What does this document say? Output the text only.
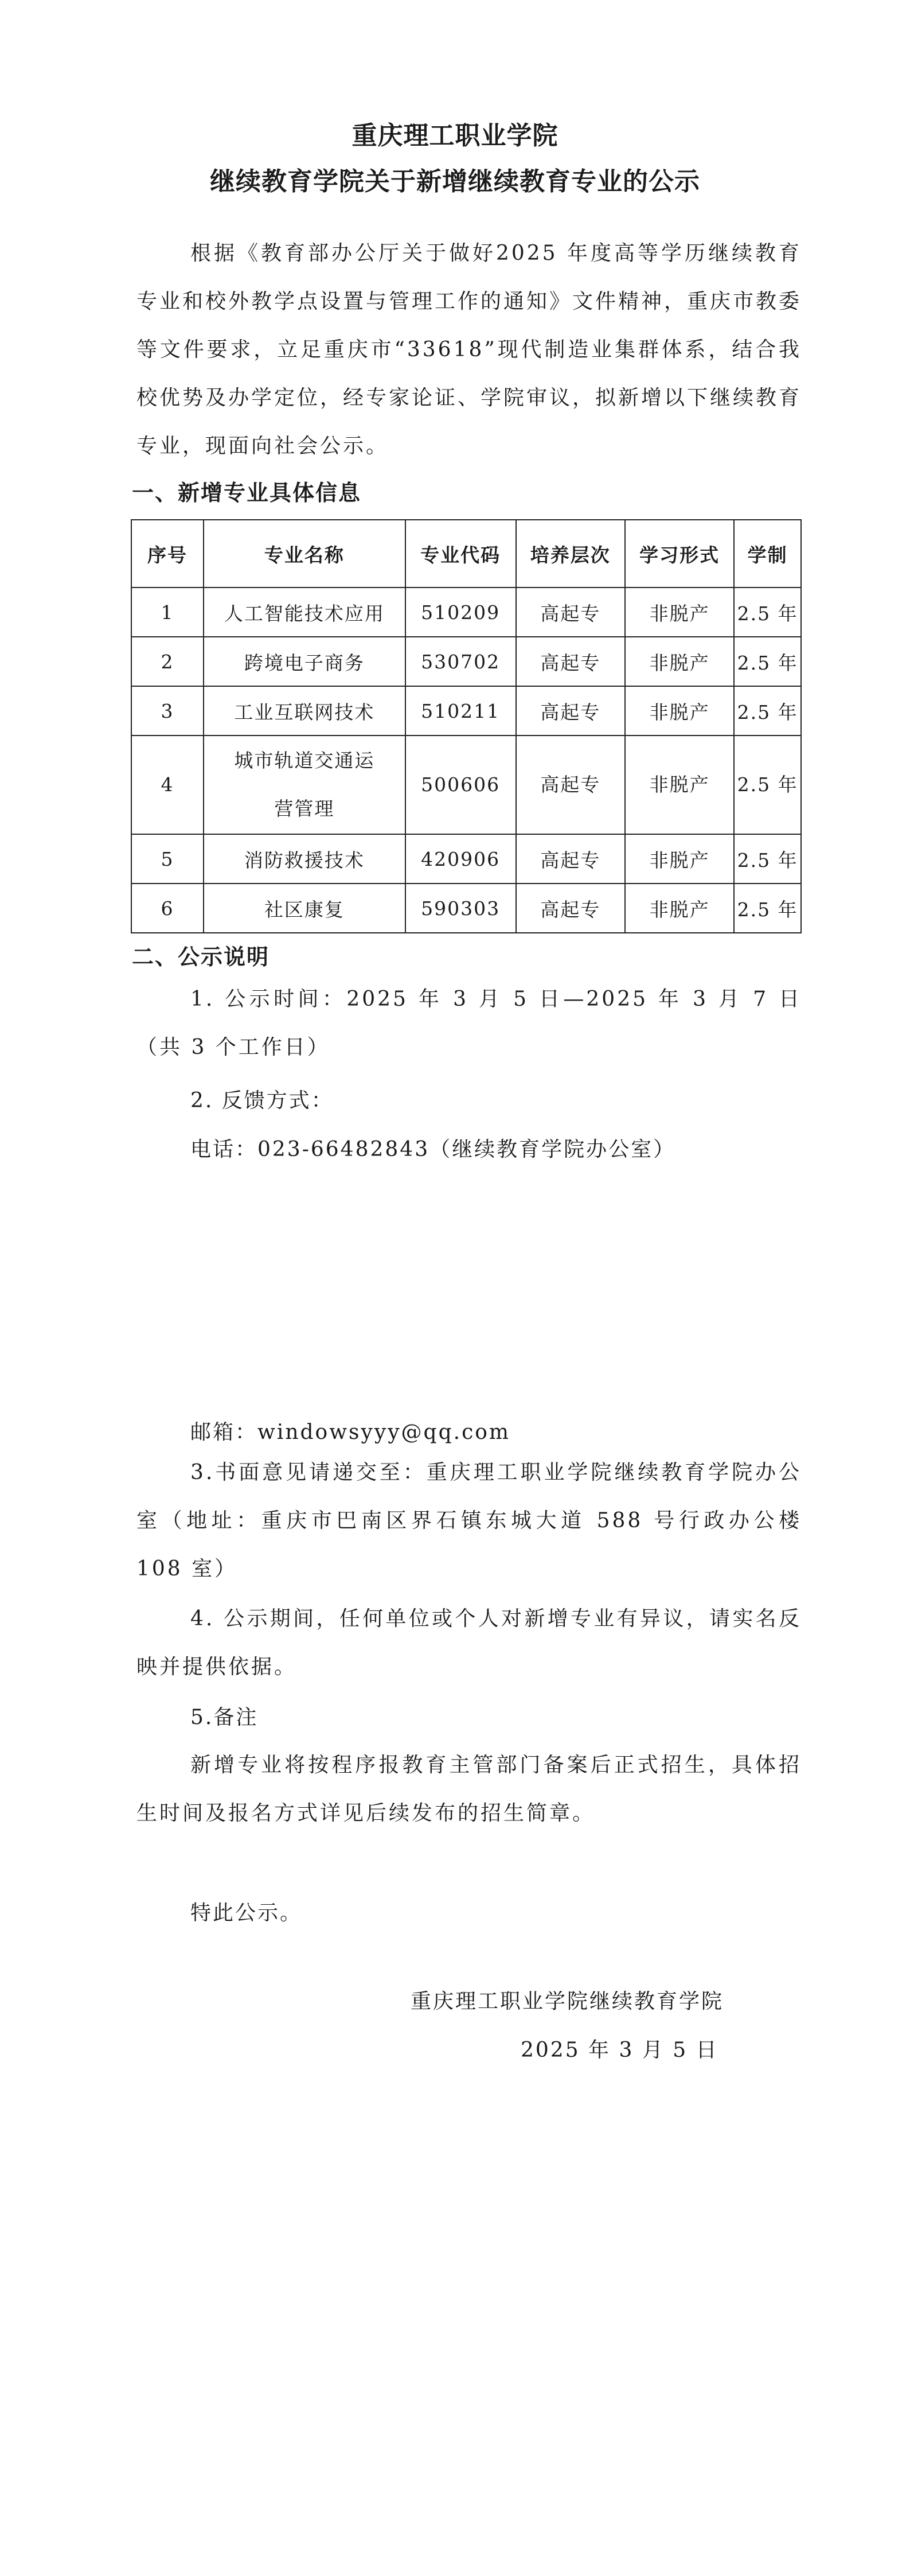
重庆理工职业学院
继续教育学院关于新增继续教育专业的公示
根据《教育部办公厅关于做好2025 年度高等学历继续教育专业和校外教学点设置与管理工作的通知》文件精神，重庆市教委等文件要求，立足重庆市“33618”现代制造业集群体系，结合我校优势及办学定位，经专家论证、学院审议，拟新增以下继续教育专业，现面向社会公示。
一、新增专业具体信息
序号	专业名称	专业代码	培养层次	学习形式	学制
1	人工智能技术应用	510209	高起专	非脱产	2.5 年
2	跨境电子商务	530702	高起专	非脱产	2.5 年
3	工业互联网技术	510211	高起专	非脱产	2.5 年
4	城市轨道交通运营管理	500606	高起专	非脱产	2.5 年
5	消防救援技术	420906	高起专	非脱产	2.5 年
6	社区康复	590303	高起专	非脱产	2.5 年
二、公示说明
1. 公示时间：2025 年 3 月 5 日—2025 年 3 月 7 日（共 3 个工作日）
2. 反馈方式：
电话：023-66482843（继续教育学院办公室）
邮箱：windowsyyy@qq.com
3.书面意见请递交至：重庆理工职业学院继续教育学院办公室（地址：重庆市巴南区界石镇东城大道 588 号行政办公楼 108 室）
4. 公示期间，任何单位或个人对新增专业有异议，请实名反映并提供依据。
5.备注
新增专业将按程序报教育主管部门备案后正式招生，具体招生时间及报名方式详见后续发布的招生简章。
特此公示。
重庆理工职业学院继续教育学院
2025 年 3 月 5 日
